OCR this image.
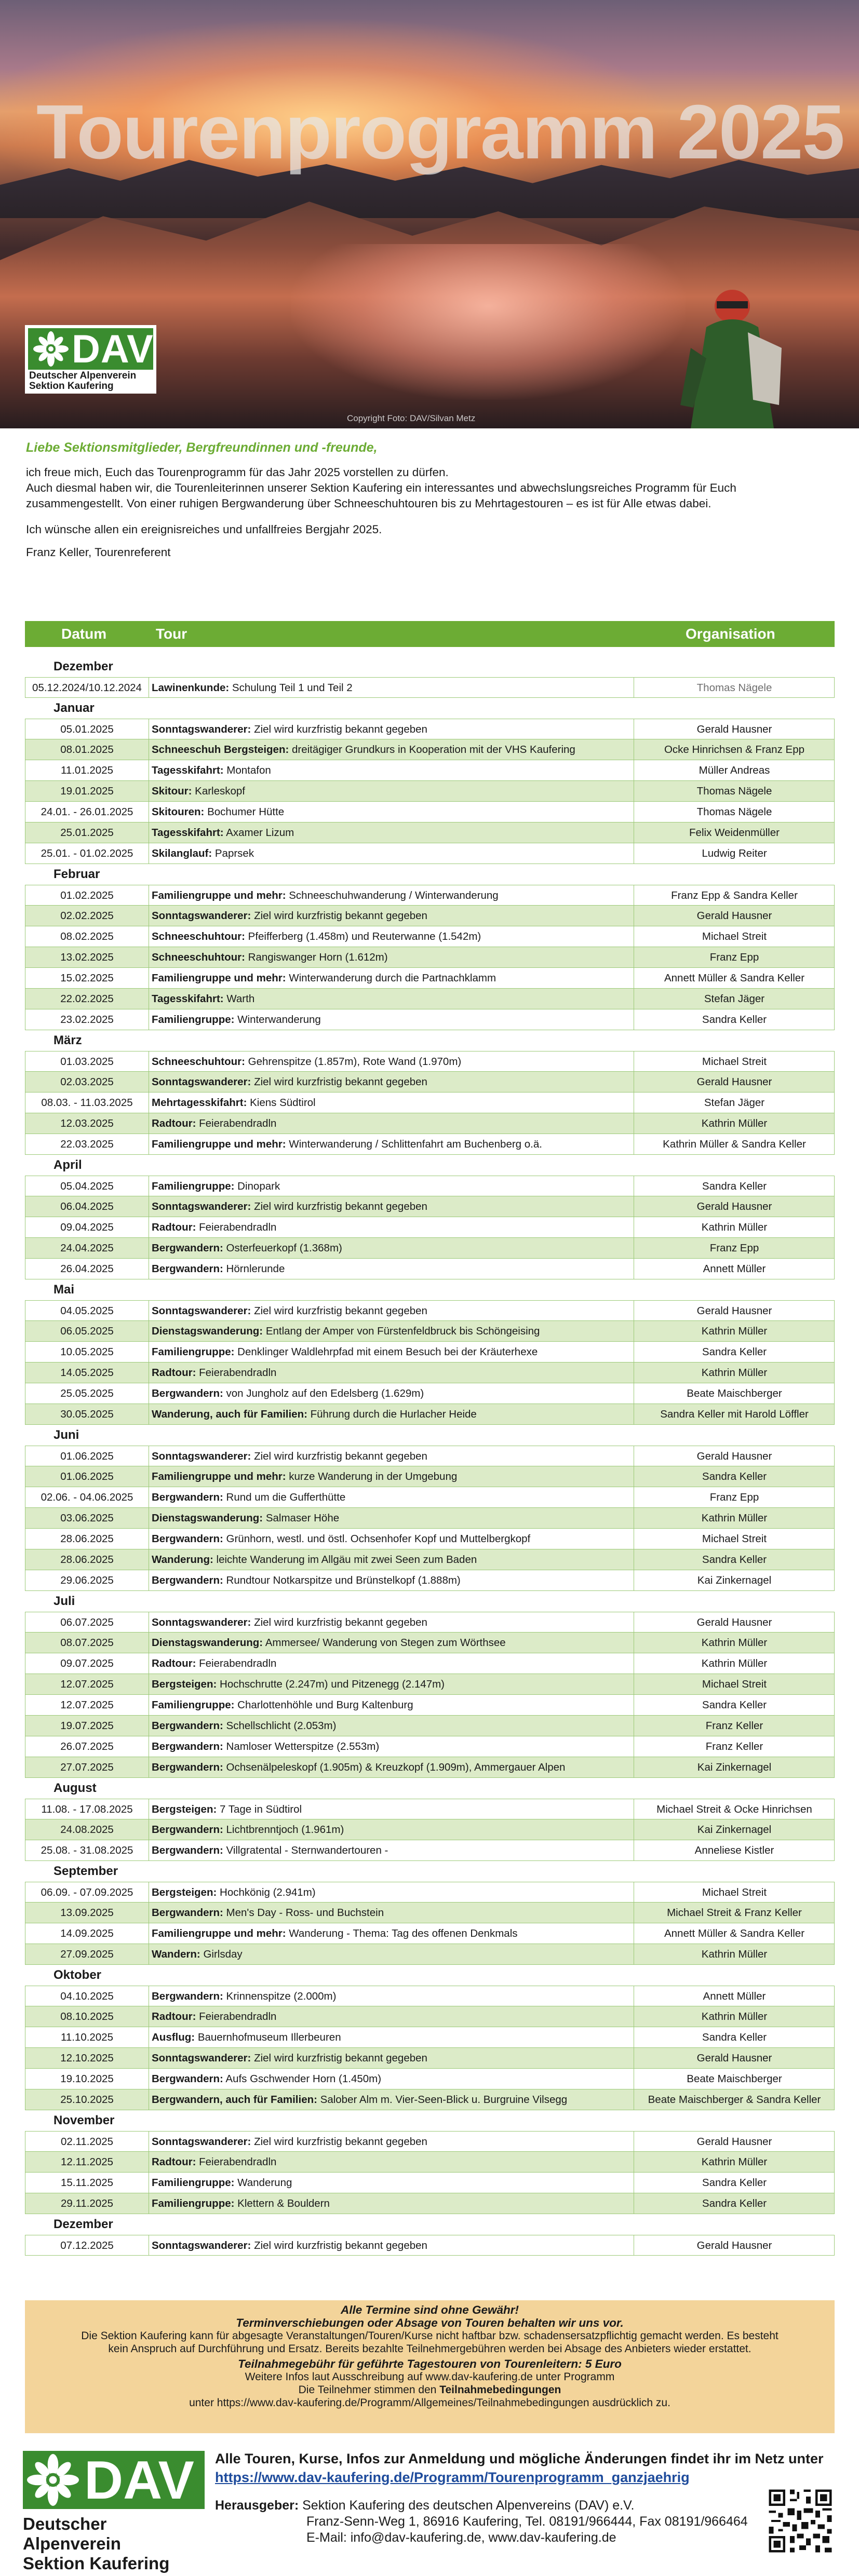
Tourenprogramm 2025
Copyright Foto: DAV/Silvan Metz
DAV
Deutscher Alpenverein
Sektion Kaufering
Liebe Sektionsmitglieder, Bergfreundinnen und -freunde,

ich freue mich, Euch das Tourenprogramm für das Jahr 2025 vorstellen zu dürfen.

Auch diesmal haben wir, die Tourenleiterinnen unserer Sektion Kaufering ein interessantes und abwechslungsreiches Programm für Euch zusammengestellt. Von einer ruhigen Bergwanderung über Schneeschuhtouren bis zu Mehrtagestouren – es ist für Alle etwas dabei.

Ich wünsche allen ein ereignisreiches und unfallfreies Bergjahr 2025.

Franz Keller, Tourenreferent

Datum	Tour	Organisation
Dezember
05.12.2024/10.12.2024 Lawinenkunde: Schulung Teil 1 und Teil 2	Thomas Nägele
Januar
05.01.2025	Sonntagswanderer: Ziel wird kurzfristig bekannt gegeben	Gerald Hausner
08.01.2025	Schneeschuh Bergsteigen: dreitägiger Grundkurs in Kooperation mit der VHS Kaufering	Ocke Hinrichsen & Franz Epp
11.01.2025	Tagesskifahrt: Montafon	Müller Andreas
19.01.2025	Skitour: Karleskopf	Thomas Nägele
24.01. - 26.01.2025	Skitouren: Bochumer Hütte	Thomas Nägele
25.01.2025	Tagesskifahrt: Axamer Lizum	Felix Weidenmüller
25.01. - 01.02.2025	Skilanglauf: Paprsek	Ludwig Reiter
Februar
01.02.2025	Familiengruppe und mehr: Schneeschuhwanderung / Winterwanderung	Franz Epp & Sandra Keller
02.02.2025	Sonntagswanderer: Ziel wird kurzfristig bekannt gegeben	Gerald Hausner
08.02.2025	Schneeschuhtour: Pfeifferberg (1.458m) und Reuterwanne (1.542m)	Michael Streit
13.02.2025	Schneeschuhtour: Rangiswanger Horn (1.612m)	Franz Epp
15.02.2025	Familiengruppe und mehr: Winterwanderung durch die Partnachklamm	Annett Müller & Sandra Keller
22.02.2025	Tagesskifahrt: Warth	Stefan Jäger
23.02.2025	Familiengruppe: Winterwanderung	Sandra Keller
März
01.03.2025	Schneeschuhtour: Gehrenspitze (1.857m), Rote Wand (1.970m)	Michael Streit
02.03.2025	Sonntagswanderer: Ziel wird kurzfristig bekannt gegeben	Gerald Hausner
08.03. - 11.03.2025	Mehrtagesskifahrt: Kiens Südtirol	Stefan Jäger
12.03.2025	Radtour: Feierabendradln	Kathrin Müller
22.03.2025	Familiengruppe und mehr: Winterwanderung / Schlittenfahrt am Buchenberg o.ä.	Kathrin Müller & Sandra Keller
April
05.04.2025	Familiengruppe: Dinopark	Sandra Keller
06.04.2025	Sonntagswanderer: Ziel wird kurzfristig bekannt gegeben	Gerald Hausner
09.04.2025	Radtour: Feierabendradln	Kathrin Müller
24.04.2025	Bergwandern: Osterfeuerkopf (1.368m)	Franz Epp
26.04.2025	Bergwandern: Hörnlerunde	Annett Müller
Mai
04.05.2025	Sonntagswanderer: Ziel wird kurzfristig bekannt gegeben	Gerald Hausner
06.05.2025	Dienstagswanderung: Entlang der Amper von Fürstenfeldbruck bis Schöngeising	Kathrin Müller
10.05.2025	Familiengruppe: Denklinger Waldlehrpfad mit einem Besuch bei der Kräuterhexe	Sandra Keller
14.05.2025	Radtour: Feierabendradln	Kathrin Müller
25.05.2025	Bergwandern: von Jungholz auf den Edelsberg (1.629m)	Beate Maischberger
30.05.2025	Wanderung, auch für Familien: Führung durch die Hurlacher Heide	Sandra Keller mit Harold Löffler
Juni
01.06.2025	Sonntagswanderer: Ziel wird kurzfristig bekannt gegeben	Gerald Hausner
01.06.2025	Familiengruppe und mehr: kurze Wanderung in der Umgebung	Sandra Keller
02.06. - 04.06.2025	Bergwandern: Rund um die Gufferthütte	Franz Epp
03.06.2025	Dienstagswanderung: Salmaser Höhe	Kathrin Müller
28.06.2025	Bergwandern: Grünhorn, westl. und östl. Ochsenhofer Kopf und Muttelbergkopf	Michael Streit
28.06.2025	Wanderung: leichte Wanderung im Allgäu mit zwei Seen zum Baden	Sandra Keller
29.06.2025	Bergwandern: Rundtour Notkarspitze und Brünstelkopf (1.888m)	Kai Zinkernagel
Juli
06.07.2025	Sonntagswanderer: Ziel wird kurzfristig bekannt gegeben	Gerald Hausner
08.07.2025	Dienstagswanderung: Ammersee/ Wanderung von Stegen zum Wörthsee	Kathrin Müller
09.07.2025	Radtour: Feierabendradln	Kathrin Müller
12.07.2025	Bergsteigen: Hochschrutte (2.247m) und Pitzenegg (2.147m)	Michael Streit
12.07.2025	Familiengruppe: Charlottenhöhle und Burg Kaltenburg	Sandra Keller
19.07.2025	Bergwandern: Schellschlicht (2.053m)	Franz Keller
26.07.2025	Bergwandern: Namloser Wetterspitze (2.553m)	Franz Keller
27.07.2025	Bergwandern: Ochsenälpeleskopf (1.905m) & Kreuzkopf (1.909m), Ammergauer Alpen	Kai Zinkernagel
August
11.08. - 17.08.2025	Bergsteigen: 7 Tage in Südtirol	Michael Streit & Ocke Hinrichsen
24.08.2025	Bergwandern: Lichtbrenntjoch (1.961m)	Kai Zinkernagel
25.08. - 31.08.2025	Bergwandern: Villgratental - Sternwandertouren -	Anneliese Kistler
September
06.09. - 07.09.2025	Bergsteigen: Hochkönig (2.941m)	Michael Streit
13.09.2025	Bergwandern: Men's Day - Ross- und Buchstein	Michael Streit & Franz Keller
14.09.2025	Familiengruppe und mehr: Wanderung - Thema: Tag des offenen Denkmals	Annett Müller & Sandra Keller
27.09.2025	Wandern: Girlsday	Kathrin Müller
Oktober
04.10.2025	Bergwandern: Krinnenspitze (2.000m)	Annett Müller
08.10.2025	Radtour: Feierabendradln	Kathrin Müller
11.10.2025	Ausflug: Bauernhofmuseum Illerbeuren	Sandra Keller
12.10.2025	Sonntagswanderer: Ziel wird kurzfristig bekannt gegeben	Gerald Hausner
19.10.2025	Bergwandern: Aufs Gschwender Horn (1.450m)	Beate Maischberger
25.10.2025	Bergwandern, auch für Familien: Salober Alm m. Vier-Seen-Blick u. Burgruine Vilsegg	Beate Maischberger & Sandra Keller
November
02.11.2025	Sonntagswanderer: Ziel wird kurzfristig bekannt gegeben	Gerald Hausner
12.11.2025	Radtour: Feierabendradln	Kathrin Müller
15.11.2025	Familiengruppe: Wanderung	Sandra Keller
29.11.2025	Familiengruppe: Klettern & Bouldern	Sandra Keller
Dezember
07.12.2025	Sonntagswanderer: Ziel wird kurzfristig bekannt gegeben	Gerald Hausner
Alle Termine sind ohne Gewähr!
Terminverschiebungen oder Absage von Touren behalten wir uns vor.
Die Sektion Kaufering kann für abgesagte Veranstaltungen/Touren/Kurse nicht haftbar bzw. schadensersatzpflichtig gemacht werden. Es besteht
kein Anspruch auf Durchführung und Ersatz. Bereits bezahlte Teilnehmergebühren werden bei Absage des Anbieters wieder erstattet.
Teilnahmegebühr für geführte Tagestouren von Tourenleitern: 5 Euro
Weitere Infos laut Ausschreibung auf www.dav-kaufering.de unter Programm
Die Teilnehmer stimmen den Teilnahmebedingungen
unter https://www.dav-kaufering.de/Programm/Allgemeines/Teilnahmebedingungen ausdrücklich zu.
DAV
Deutscher Alpenverein
Sektion Kaufering
Alle Touren, Kurse, Infos zur Anmeldung und mögliche Änderungen findet ihr im Netz unter
https://www.dav-kaufering.de/Programm/Tourenprogramm_ganzjaehrig
Herausgeber: Sektion Kaufering des deutschen Alpenvereins (DAV) e.V.
Franz-Senn-Weg 1, 86916 Kaufering, Tel. 08191/966444, Fax 08191/966464
E-Mail: info@dav-kaufering.de, www.dav-kaufering.de
